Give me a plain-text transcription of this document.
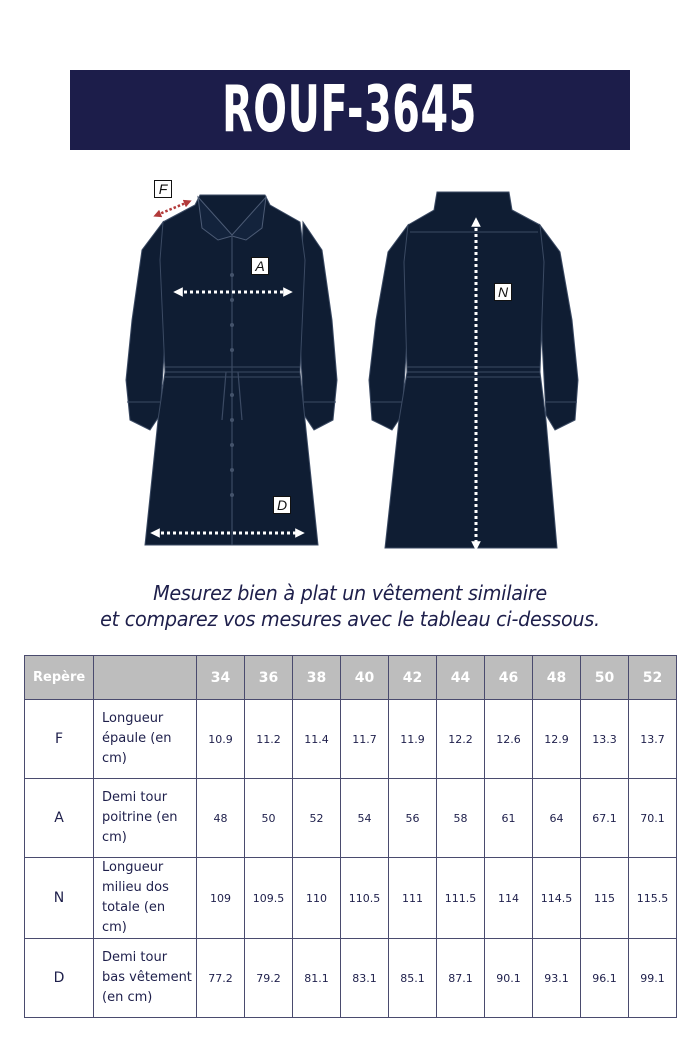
ROUF-3645
F
A
D
N
Mesurez bien à plat un vêtement similaire
et comparez vos mesures avec le tableau ci-dessous.
Repère		34	36	38	40	42	44	46	48	50	52
F	Longueur épaule (en cm)	10.9	11.2	11.4	11.7	11.9	12.2	12.6	12.9	13.3	13.7
A	Demi tour poitrine (en cm)	48	50	52	54	56	58	61	64	67.1	70.1
N	Longueur milieu dos totale (en cm)	109	109.5	110	110.5	111	111.5	114	114.5	115	115.5
D	Demi tour bas vêtement (en cm)	77.2	79.2	81.1	83.1	85.1	87.1	90.1	93.1	96.1	99.1
